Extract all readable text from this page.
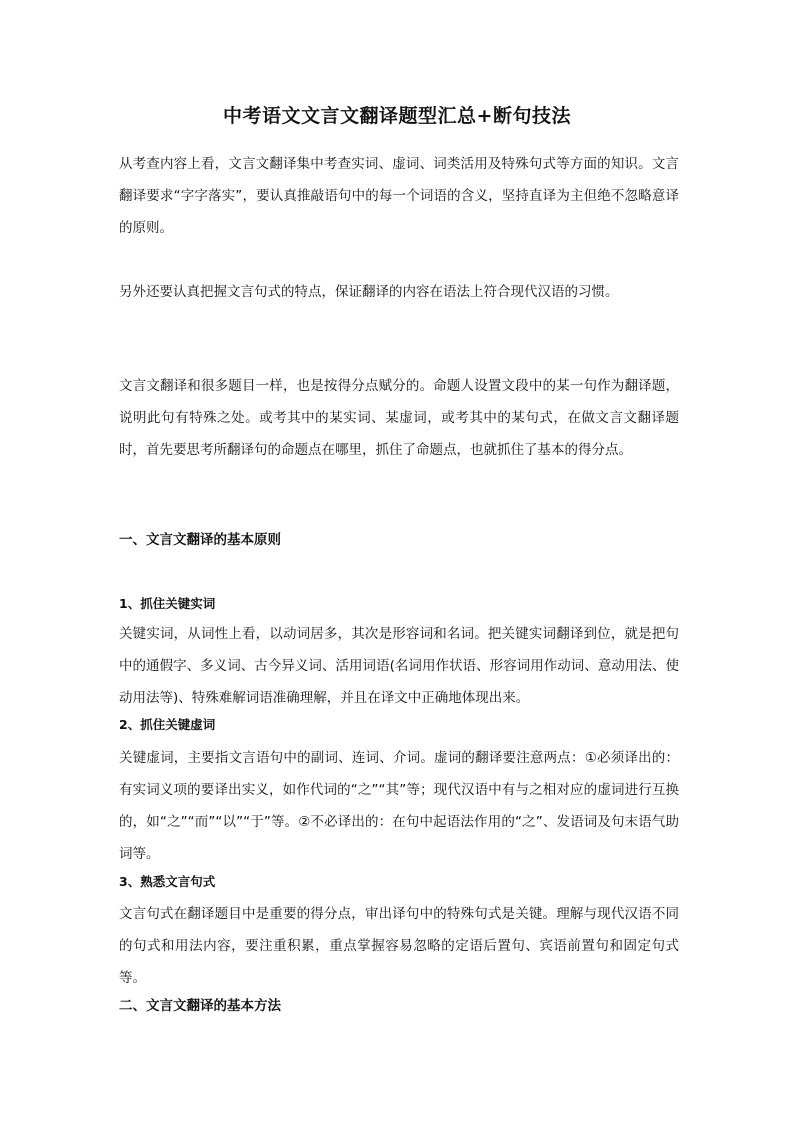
中考语文文言文翻译题型汇总+断句技法

从考查内容上看，文言文翻译集中考查实词、虚词、词类活用及特殊句式等方面的知识。文言翻译要求“字字落实”，要认真推敲语句中的每一个词语的含义，坚持直译为主但绝不忽略意译的原则。

另外还要认真把握文言句式的特点，保证翻译的内容在语法上符合现代汉语的习惯。

文言文翻译和很多题目一样，也是按得分点赋分的。命题人设置文段中的某一句作为翻译题，说明此句有特殊之处。或考其中的某实词、某虚词，或考其中的某句式，在做文言文翻译题时，首先要思考所翻译句的命题点在哪里，抓住了命题点，也就抓住了基本的得分点。

一、文言文翻译的基本原则
1、抓住关键实词

关键实词，从词性上看，以动词居多，其次是形容词和名词。把关键实词翻译到位，就是把句中的通假字、多义词、古今异义词、活用词语(名词用作状语、形容词用作动词、意动用法、使动用法等)、特殊难解词语准确理解，并且在译文中正确地体现出来。

2、抓住关键虚词

关键虚词，主要指文言语句中的副词、连词、介词。虚词的翻译要注意两点：①必须译出的：有实词义项的要译出实义，如作代词的“之”“其”等；现代汉语中有与之相对应的虚词进行互换的，如“之”“而”“以”“于”等。②不必译出的：在句中起语法作用的“之”、发语词及句末语气助词等。

3、熟悉文言句式

文言句式在翻译题目中是重要的得分点，审出译句中的特殊句式是关键。理解与现代汉语不同的句式和用法内容，要注重积累，重点掌握容易忽略的定语后置句、宾语前置句和固定句式等。

二、文言文翻译的基本方法
